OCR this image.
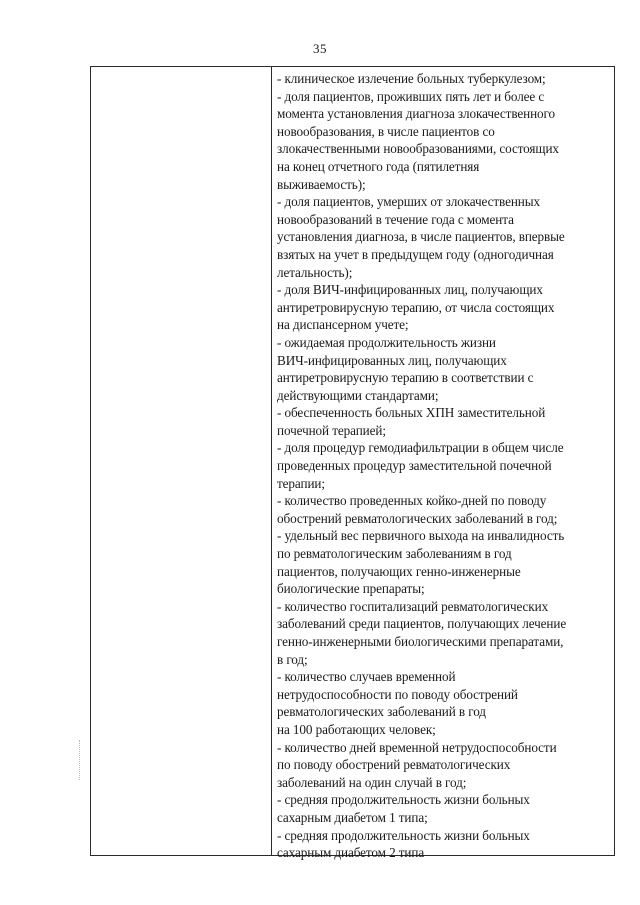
35
- клиническое излечение больных туберкулезом;
- доля пациентов, проживших пять лет и более с
момента установления диагноза злокачественного
новообразования, в числе пациентов со
злокачественными новообразованиями, состоящих
на конец отчетного года (пятилетняя
выживаемость);
- доля пациентов, умерших от злокачественных
новообразований в течение года с момента
установления диагноза, в числе пациентов, впервые
взятых на учет в предыдущем году (одногодичная
летальность);
- доля ВИЧ-инфицированных лиц, получающих
антиретровирусную терапию, от числа состоящих
на диспансерном учете;
- ожидаемая продолжительность жизни
ВИЧ-инфицированных лиц, получающих
антиретровирусную терапию в соответствии с
действующими стандартами;
- обеспеченность больных ХПН заместительной
почечной терапией;
- доля процедур гемодиафильтрации в общем числе
проведенных процедур заместительной почечной
терапии;
- количество проведенных койко-дней по поводу
обострений ревматологических заболеваний в год;
- удельный вес первичного выхода на инвалидность
по ревматологическим заболеваниям в год
пациентов, получающих генно-инженерные
биологические препараты;
- количество госпитализаций ревматологических
заболеваний среди пациентов, получающих лечение
генно-инженерными биологическими препаратами,
в год;
- количество случаев временной
нетрудоспособности по поводу обострений
ревматологических заболеваний в год
на 100 работающих человек;
- количество дней временной нетрудоспособности
по поводу обострений ревматологических
заболеваний на один случай в год;
- средняя продолжительность жизни больных
сахарным диабетом 1 типа;
- средняя продолжительность жизни больных
сахарным диабетом 2 типа
